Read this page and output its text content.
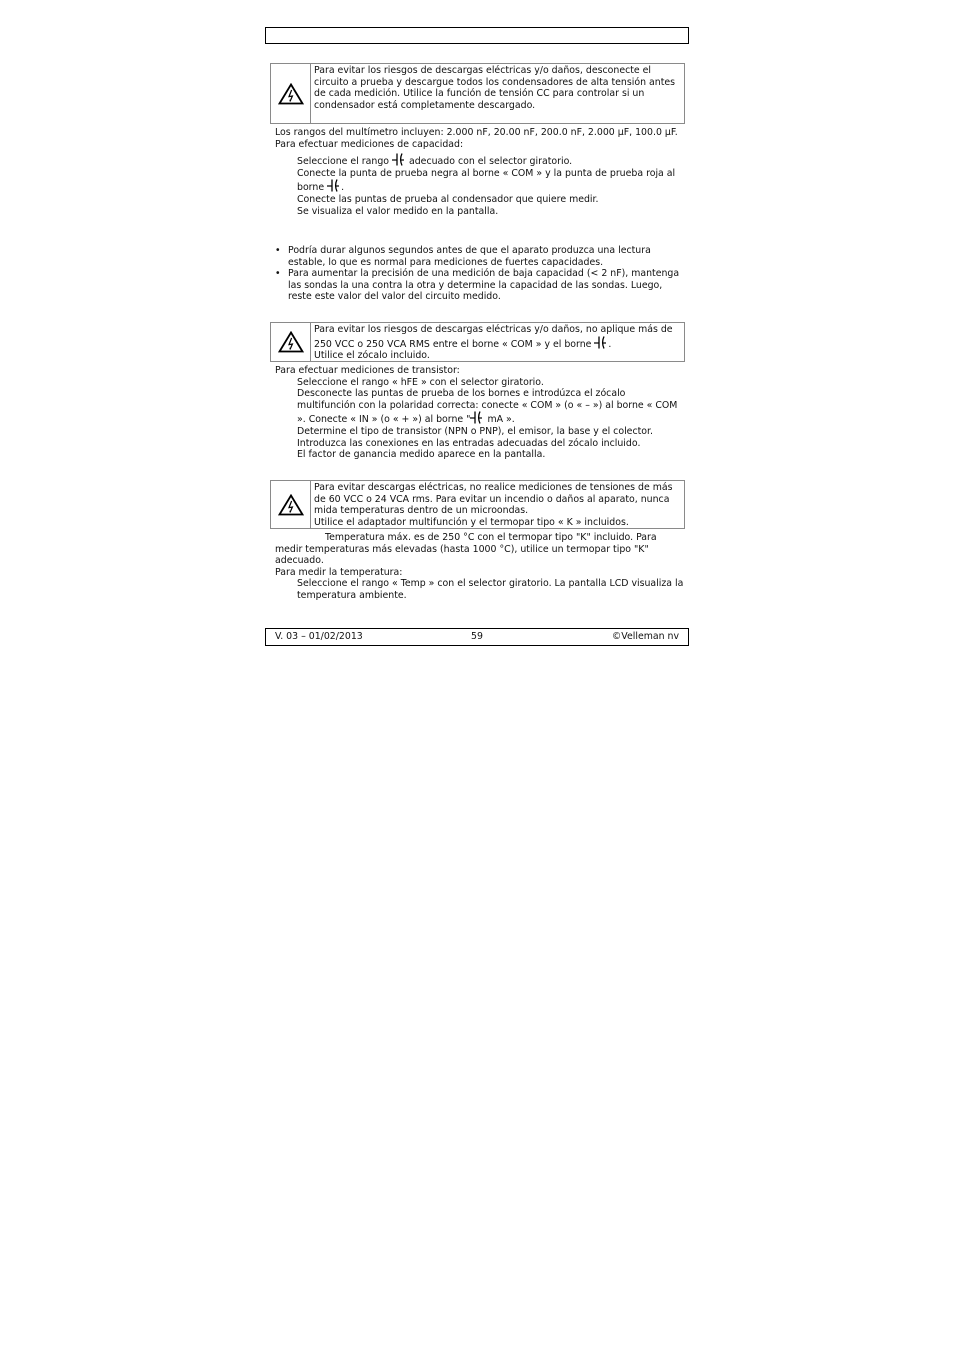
Para evitar los riesgos de descargas eléctricas y/o daños, desconecte el circuito a prueba y descargue todos los condensadores de alta tensión antes de cada medición. Utilice la función de tensión CC para controlar si un condensador está completamente descargado.
Los rangos del multímetro incluyen: 2.000 nF, 20.00 nF, 200.0 nF, 2.000 µF, 100.0 µF.
Para efectuar mediciones de capacidad:
Seleccione el rango adecuado con el selector giratorio.
Conecte la punta de prueba negra al borne « COM » y la punta de prueba roja al borne .
Conecte las puntas de prueba al condensador que quiere medir.
Se visualiza el valor medido en la pantalla.
• Podría durar algunos segundos antes de que el aparato produzca una lectura estable, lo que es normal para mediciones de fuertes capacidades.
• Para aumentar la precisión de una medición de baja capacidad (< 2 nF), mantenga las sondas la una contra la otra y determine la capacidad de las sondas. Luego, reste este valor del valor del circuito medido.
Para evitar los riesgos de descargas eléctricas y/o daños, no aplique más de 250 VCC o 250 VCA RMS entre el borne « COM » y el borne .
Utilice el zócalo incluido.
Para efectuar mediciones de transistor:
Seleccione el rango « hFE » con el selector giratorio.
Desconecte las puntas de prueba de los bornes e introdúzca el zócalo multifunción con la polaridad correcta: conecte « COM » (o « – ») al borne « COM ». Conecte « IN » (o « + ») al borne " mA ».
Determine el tipo de transistor (NPN o PNP), el emisor, la base y el colector.
Introduzca las conexiones en las entradas adecuadas del zócalo incluido.
El factor de ganancia medido aparece en la pantalla.
Para evitar descargas eléctricas, no realice mediciones de tensiones de más de 60 VCC o 24 VCA rms. Para evitar un incendio o daños al aparato, nunca mida temperaturas dentro de un microondas.
Utilice el adaptador multifunción y el termopar tipo « K » incluidos.
Temperatura máx. es de 250 °C con el termopar tipo "K" incluido. Para medir temperaturas más elevadas (hasta 1000 °C), utilice un termopar tipo "K" adecuado.
Para medir la temperatura:
Seleccione el rango « Temp » con el selector giratorio. La pantalla LCD visualiza la temperatura ambiente.
59
V. 03 – 01/02/2013	©Velleman nv
